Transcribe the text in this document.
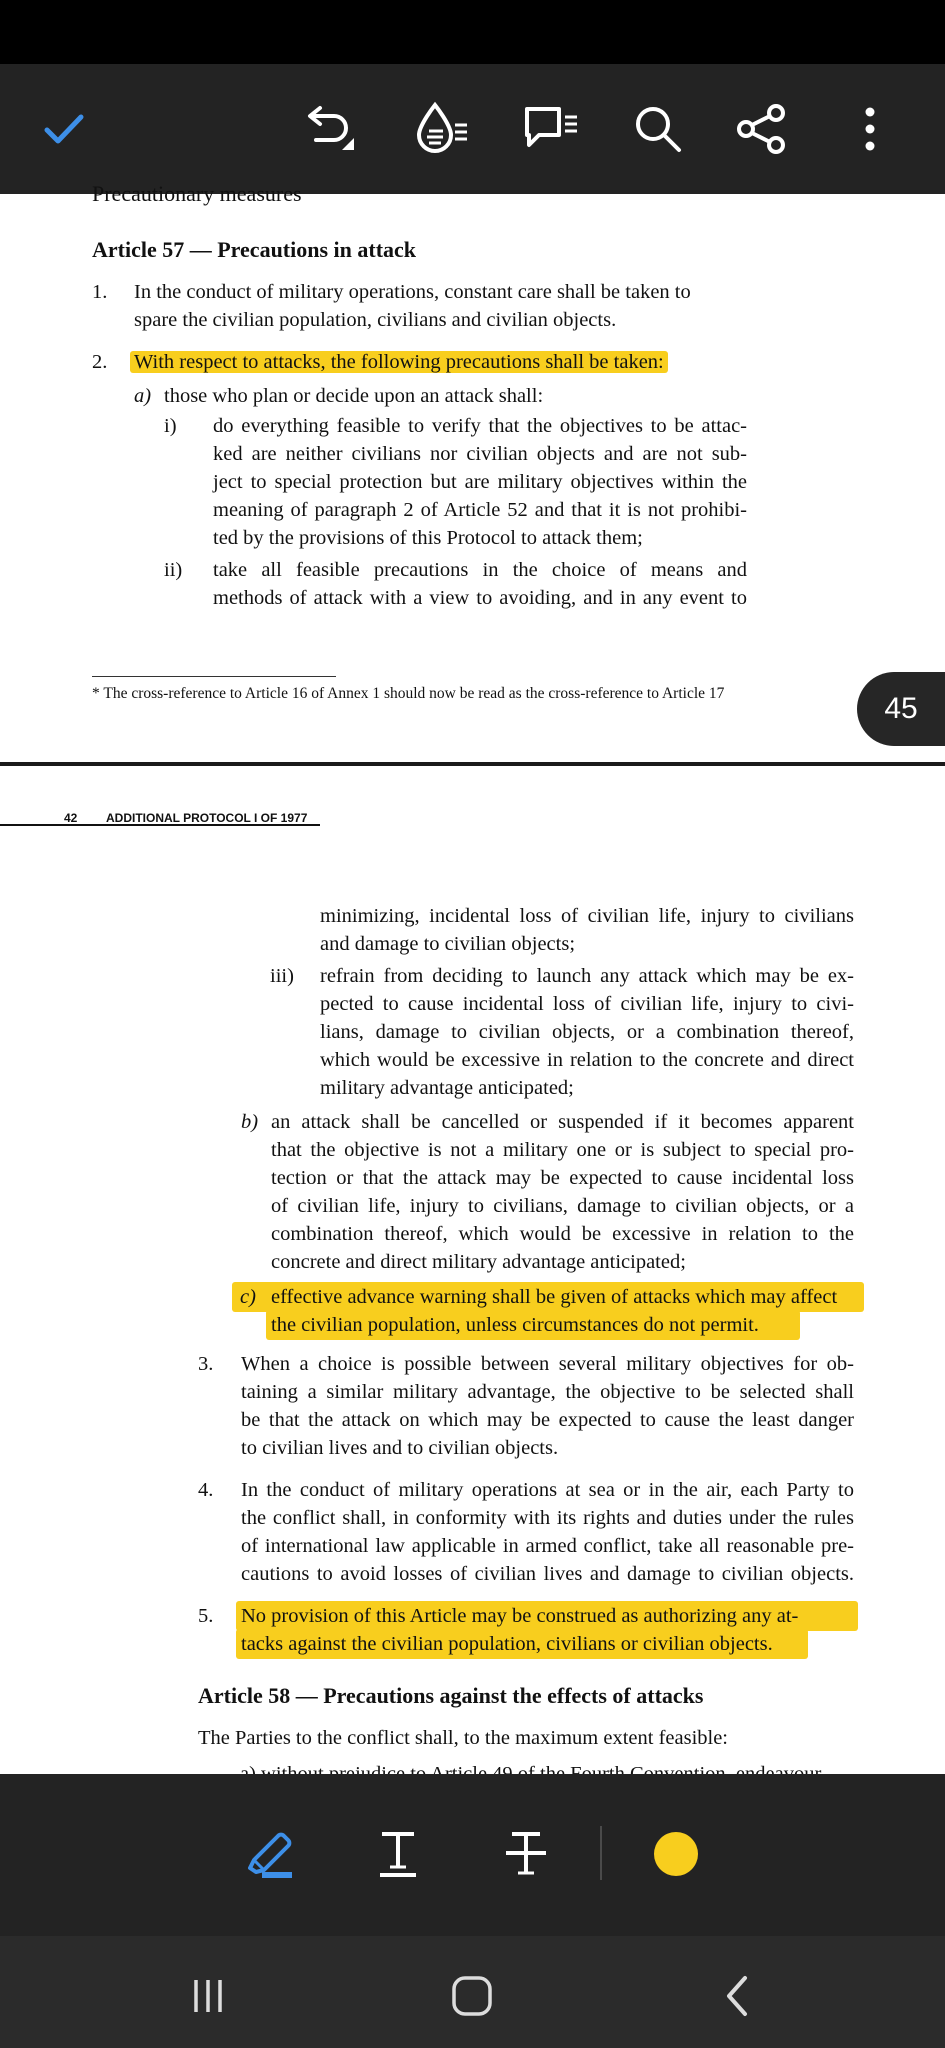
Precautionary measures
Article 57 — Precautions in attack
1. In the conduct of military operations, constant care shall be taken to
spare the civilian population, civilians and civilian objects.
2. With respect to attacks, the following precautions shall be taken:
a) those who plan or decide upon an attack shall:
i) do everything feasible to verify that the objectives to be attac-
ked are neither civilians nor civilian objects and are not sub-
ject to special protection but are military objectives within the
meaning of paragraph 2 of Article 52 and that it is not prohibi-
ted by the provisions of this Protocol to attack them;
ii) take all feasible precautions in the choice of means and
methods of attack with a view to avoiding, and in any event to
* The cross-reference to Article 16 of Annex 1 should now be read as the cross-reference to Article 17	45
42 ADDITIONAL PROTOCOL I OF 1977
minimizing, incidental loss of civilian life, injury to civilians
and damage to civilian objects;
iii) refrain from deciding to launch any attack which may be ex-
pected to cause incidental loss of civilian life, injury to civi-
lians, damage to civilian objects, or a combination thereof,
which would be excessive in relation to the concrete and direct
military advantage anticipated;
b) an attack shall be cancelled or suspended if it becomes apparent
that the objective is not a military one or is subject to special pro-
tection or that the attack may be expected to cause incidental loss
of civilian life, injury to civilians, damage to civilian objects, or a
combination thereof, which would be excessive in relation to the
concrete and direct military advantage anticipated;
c) effective advance warning shall be given of attacks which may affect
the civilian population, unless circumstances do not permit.
3. When a choice is possible between several military objectives for ob-
taining a similar military advantage, the objective to be selected shall
be that the attack on which may be expected to cause the least danger
to civilian lives and to civilian objects.
4. In the conduct of military operations at sea or in the air, each Party to
the conflict shall, in conformity with its rights and duties under the rules
of international law applicable in armed conflict, take all reasonable pre-
cautions to avoid losses of civilian lives and damage to civilian objects.
5. No provision of this Article may be construed as authorizing any at-
tacks against the civilian population, civilians or civilian objects.
Article 58 — Precautions against the effects of attacks
The Parties to the conflict shall, to the maximum extent feasible:
